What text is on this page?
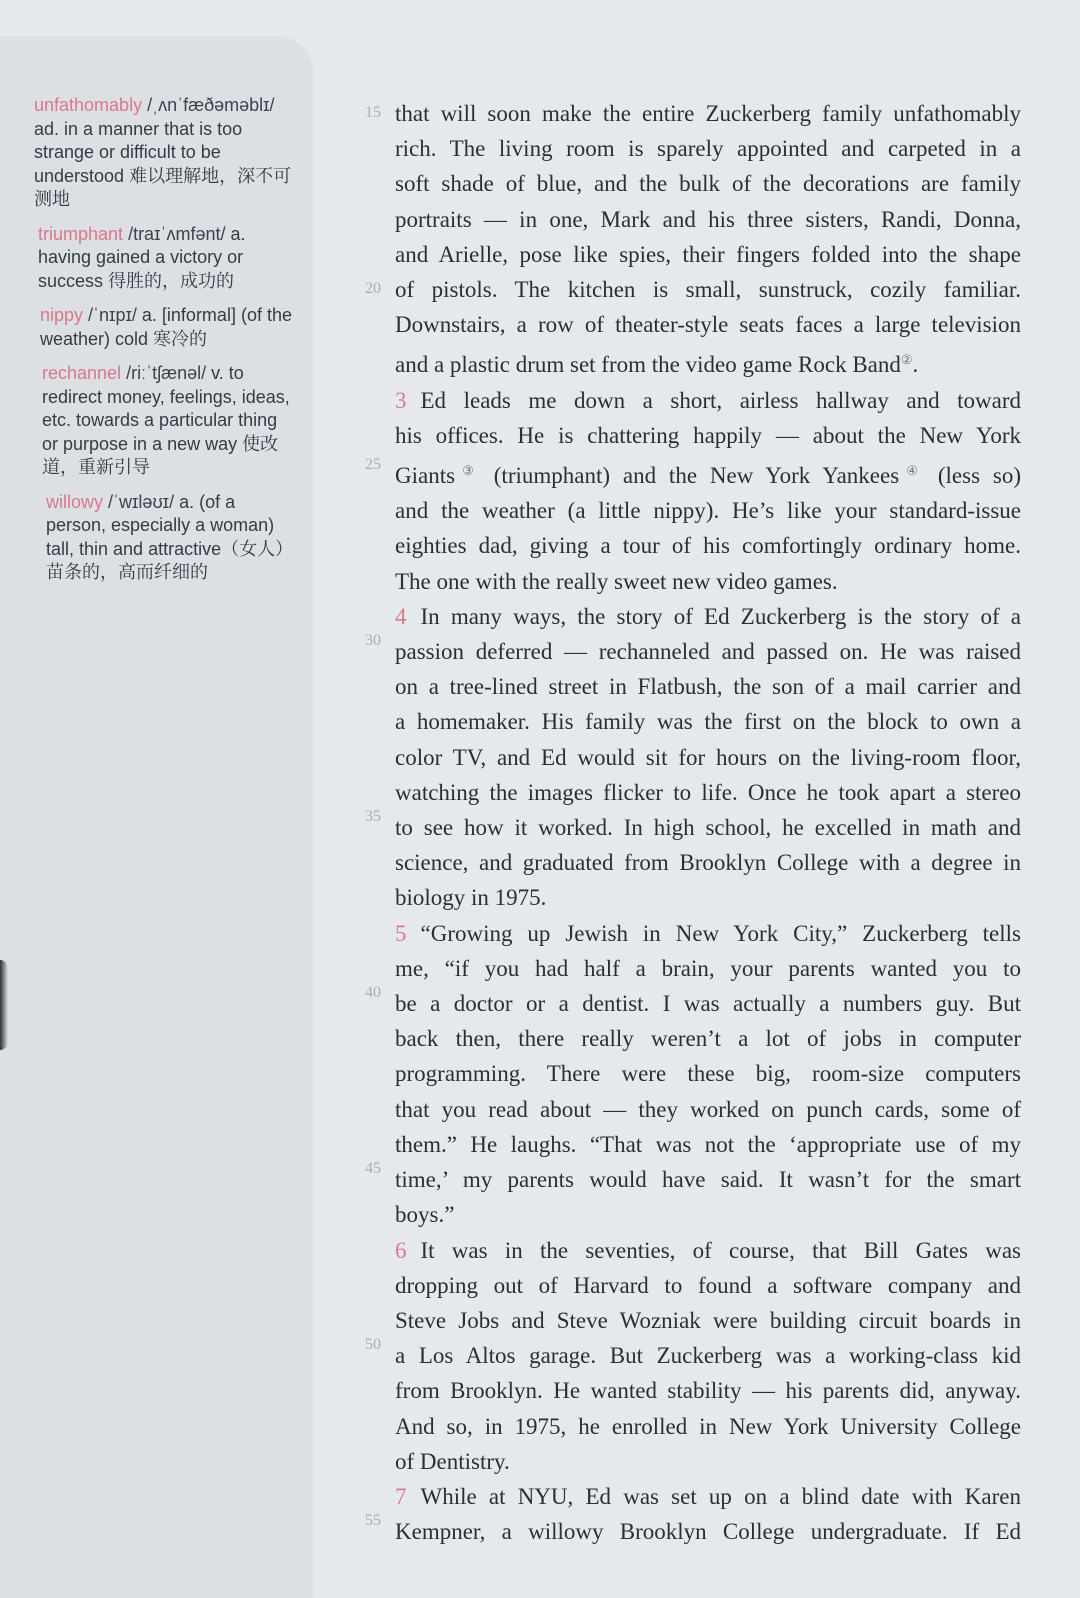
unfathomably /ˌʌnˈfæðəməblɪ/ ad. in a manner that is too strange or difficult to be understood 难以理解地，深不可测地
triumphant /traɪˈʌmfənt/ a. having gained a victory or success 得胜的，成功的
nippy /ˈnɪpɪ/ a. [informal] (of the weather) cold 寒冷的
rechannel /riːˈtʃænəl/ v. to redirect money, feelings, ideas, etc. towards a particular thing or purpose in a new way 使改道，重新引导
willowy /ˈwɪləʊɪ/ a. (of a person, especially a woman) tall, thin and attractive（女人）苗条的，高而纤细的
15
20
25
30
35
40
45
50
55
that will soon make the entire Zuckerberg family unfathomably
rich. The living room is sparely appointed and carpeted in a
soft shade of blue, and the bulk of the decorations are family
portraits — in one, Mark and his three sisters, Randi, Donna,
and Arielle, pose like spies, their fingers folded into the shape
of pistols. The kitchen is small, sunstruck, cozily familiar.
Downstairs, a row of theater-style seats faces a large television
and a plastic drum set from the video game Rock Band②.
3 Ed leads me down a short, airless hallway and toward
his offices. He is chattering happily — about the New York
Giants③ (triumphant) and the New York Yankees④ (less so)
and the weather (a little nippy). He’s like your standard-issue
eighties dad, giving a tour of his comfortingly ordinary home.
The one with the really sweet new video games.
4 In many ways, the story of Ed Zuckerberg is the story of a
passion deferred — rechanneled and passed on. He was raised
on a tree-lined street in Flatbush, the son of a mail carrier and
a homemaker. His family was the first on the block to own a
color TV, and Ed would sit for hours on the living-room floor,
watching the images flicker to life. Once he took apart a stereo
to see how it worked. In high school, he excelled in math and
science, and graduated from Brooklyn College with a degree in
biology in 1975.
5 “Growing up Jewish in New York City,” Zuckerberg tells
me, “if you had half a brain, your parents wanted you to
be a doctor or a dentist. I was actually a numbers guy. But
back then, there really weren’t a lot of jobs in computer
programming. There were these big, room-size computers
that you read about — they worked on punch cards, some of
them.” He laughs. “That was not the ‘appropriate use of my
time,’ my parents would have said. It wasn’t for the smart
boys.”
6 It was in the seventies, of course, that Bill Gates was
dropping out of Harvard to found a software company and
Steve Jobs and Steve Wozniak were building circuit boards in
a Los Altos garage. But Zuckerberg was a working-class kid
from Brooklyn. He wanted stability — his parents did, anyway.
And so, in 1975, he enrolled in New York University College
of Dentistry.
7 While at NYU, Ed was set up on a blind date with Karen
Kempner, a willowy Brooklyn College undergraduate. If Ed
